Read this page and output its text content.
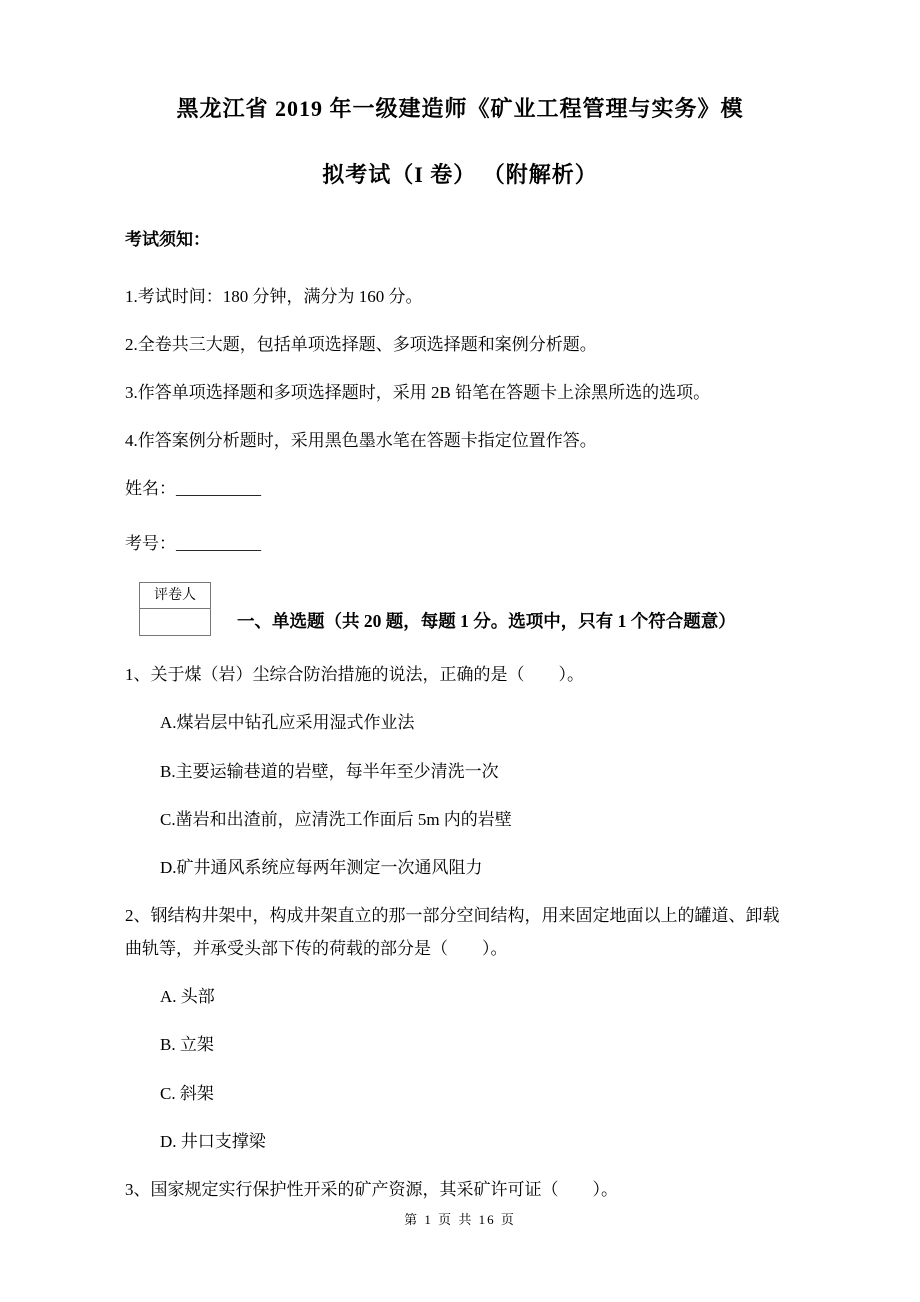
黑龙江省 2019 年一级建造师《矿业工程管理与实务》模
拟考试（I 卷） （附解析）
考试须知：

1.考试时间：180 分钟，满分为 160 分。

2.全卷共三大题，包括单项选择题、多项选择题和案例分析题。

3.作答单项选择题和多项选择题时，采用 2B 铅笔在答题卡上涂黑所选的选项。

4.作答案例分析题时，采用黑色墨水笔在答题卡指定位置作答。

姓名：__________

考号：__________

评卷人
一、单选题（共 20 题，每题 1 分。选项中，只有 1 个符合题意）

1、关于煤（岩）尘综合防治措施的说法，正确的是（　　）。

A.煤岩层中钻孔应采用湿式作业法

B.主要运输巷道的岩壁，每半年至少清洗一次

C.凿岩和出渣前，应清洗工作面后 5m 内的岩壁

D.矿井通风系统应每两年测定一次通风阻力

2、钢结构井架中，构成井架直立的那一部分空间结构，用来固定地面以上的罐道、卸载曲轨等，并承受头部下传的荷载的部分是（　　）。

A. 头部

B. 立架

C. 斜架

D. 井口支撑梁

3、国家规定实行保护性开采的矿产资源，其采矿许可证（　　）。

第 1 页 共 16 页
